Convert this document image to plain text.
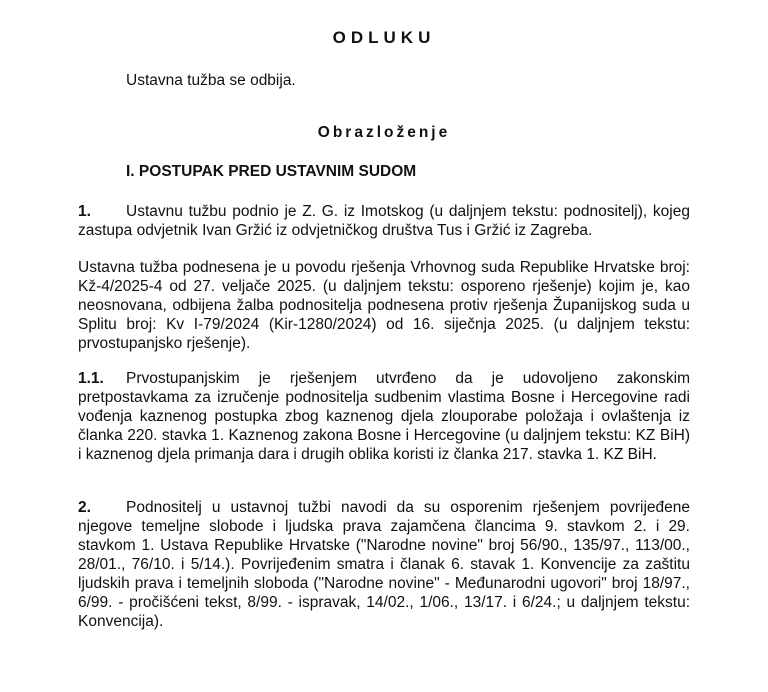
ODLUKU

Ustavna tužba se odbija.

Obrazloženje

I. POSTUPAK PRED USTAVNIM SUDOM

1. Ustavnu tužbu podnio je Z. G. iz Imotskog (u daljnjem tekstu: podnositelj), kojeg zastupa odvjetnik Ivan Gržić iz odvjetničkog društva Tus i Gržić iz Zagreba.

Ustavna tužba podnesena je u povodu rješenja Vrhovnog suda Republike Hrvatske broj: Kž-4/2025-4 od 27. veljače 2025. (u daljnjem tekstu: osporeno rješenje) kojim je, kao neosnovana, odbijena žalba podnositelja podnesena protiv rješenja Županijskog suda u Splitu broj: Kv I-79/2024 (Kir-1280/2024) od 16. siječnja 2025. (u daljnjem tekstu: prvostupanjsko rješenje).

1.1. Prvostupanjskim je rješenjem utvrđeno da je udovoljeno zakonskim pretpostavkama za izručenje podnositelja sudbenim vlastima Bosne i Hercegovine radi vođenja kaznenog postupka zbog kaznenog djela zlouporabe položaja i ovlaštenja iz članka 220. stavka 1. Kaznenog zakona Bosne i Hercegovine (u daljnjem tekstu: KZ BiH) i kaznenog djela primanja dara i drugih oblika koristi iz članka 217. stavka 1. KZ BiH.

2. Podnositelj u ustavnoj tužbi navodi da su osporenim rješenjem povrijeđene njegove temeljne slobode i ljudska prava zajamčena člancima 9. stavkom 2. i 29. stavkom 1. Ustava Republike Hrvatske ("Narodne novine" broj 56/90., 135/97., 113/00., 28/01., 76/10. i 5/14.). Povrijeđenim smatra i članak 6. stavak 1. Konvencije za zaštitu ljudskih prava i temeljnih sloboda ("Narodne novine" - Međunarodni ugovori" broj 18/97., 6/99. - pročišćeni tekst, 8/99. - ispravak, 14/02., 1/06., 13/17. i 6/24.; u daljnjem tekstu: Konvencija).
